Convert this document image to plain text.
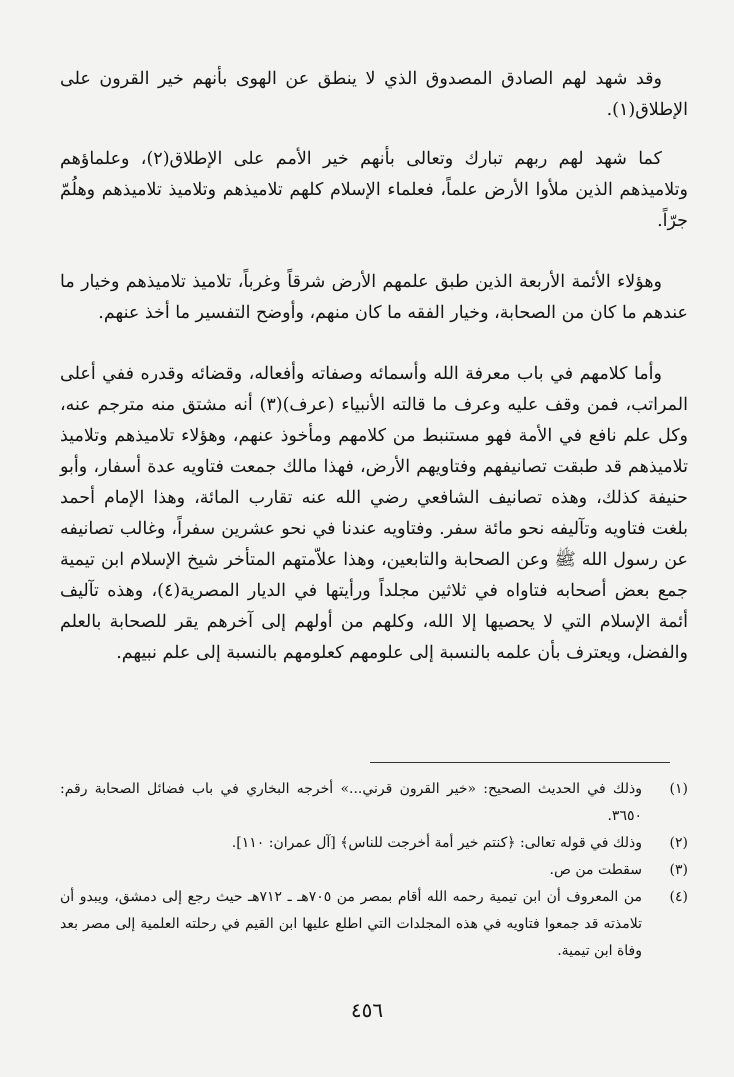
وقد شهد لهم الصادق المصدوق الذي لا ينطق عن الهوى بأنهم خير القرون على الإطلاق(١).

كما شهد لهم ربهم تبارك وتعالى بأنهم خير الأمم على الإطلاق(٢)، وعلماؤهم وتلاميذهم الذين ملأوا الأرض علماً، فعلماء الإسلام كلهم تلاميذهم وتلاميذ تلاميذهم وهلُمّ جرّاً.

وهؤلاء الأئمة الأربعة الذين طبق علمهم الأرض شرقاً وغرباً، تلاميذ تلاميذهم وخيار ما عندهم ما كان من الصحابة، وخيار الفقه ما كان منهم، وأوضح التفسير ما أخذ عنهم.

وأما كلامهم في باب معرفة الله وأسمائه وصفاته وأفعاله، وقضائه وقدره ففي أعلى المراتب، فمن وقف عليه وعرف ما قالته الأنبياء (عرف)(٣) أنه مشتق منه مترجم عنه، وكل علم نافع في الأمة فهو مستنبط من كلامهم ومأخوذ عنهم، وهؤلاء تلاميذهم وتلاميذ تلاميذهم قد طبقت تصانيفهم وفتاويهم الأرض، فهذا مالك جمعت فتاويه عدة أسفار، وأبو حنيفة كذلك، وهذه تصانيف الشافعي رضي الله عنه تقارب المائة، وهذا الإمام أحمد بلغت فتاويه وتآليفه نحو مائة سفر. وفتاويه عندنا في نحو عشرين سفراً، وغالب تصانيفه عن رسول الله ﷺ وعن الصحابة والتابعين، وهذا علاّمتهم المتأخر شيخ الإسلام ابن تيمية جمع بعض أصحابه فتاواه في ثلاثين مجلداً ورأيتها في الديار المصرية(٤)، وهذه تآليف أئمة الإسلام التي لا يحصيها إلا الله، وكلهم من أولهم إلى آخرهم يقر للصحابة بالعلم والفضل، ويعترف بأن علمه بالنسبة إلى علومهم كعلومهم بالنسبة إلى علم نبيهم.

(١)
وذلك في الحديث الصحيح: «خير القرون قرني...» أخرجه البخاري في باب فضائل الصحابة رقم: ٣٦٥٠.
(٢)
وذلك في قوله تعالى: ﴿كنتم خير أمة أخرجت للناس﴾ [آل عمران: ١١٠].
(٣)
سقطت من ص.
(٤)
من المعروف أن ابن تيمية رحمه الله أقام بمصر من ٧٠٥هـ ـ ٧١٢هـ حيث رجع إلى دمشق، ويبدو أن تلامذته قد جمعوا فتاويه في هذه المجلدات التي اطلع عليها ابن القيم في رحلته العلمية إلى مصر بعد وفاة ابن تيمية.
٤٥٦
